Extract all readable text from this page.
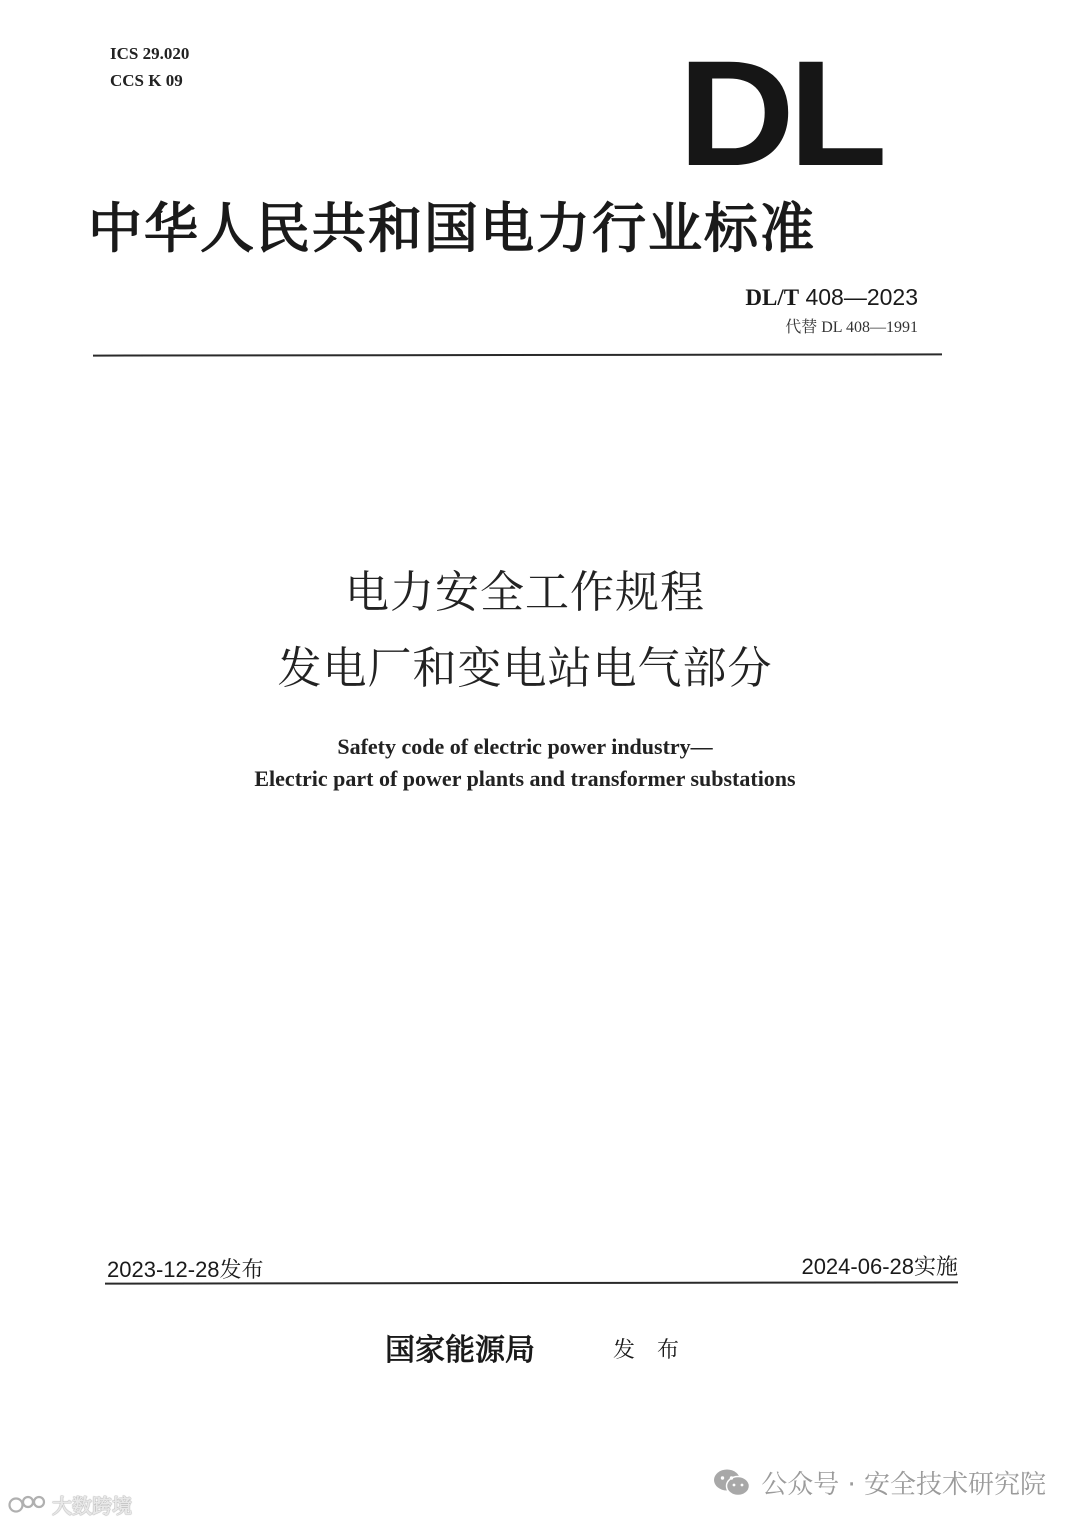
ICS 29.020
CCS K 09	DL
中华人民共和国电力行业标准
DL/T 408—2023
代替 DL 408—1991
电力安全工作规程
发电厂和变电站电气部分
Safety code of electric power industry—
Electric part of power plants and transformer substations
2023-12-28发布	2024-06-28实施
国家能源局	发布
公众号 · 安全技术研究院
大数跨境
